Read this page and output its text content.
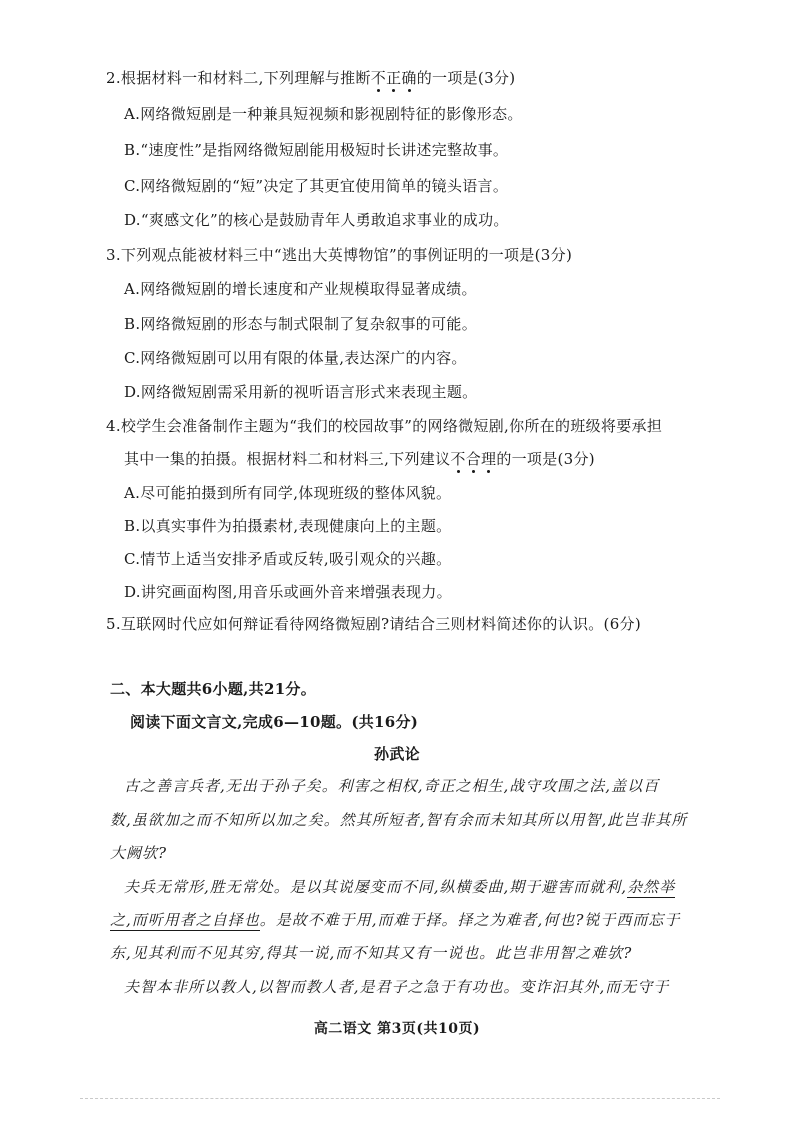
2.根据材料一和材料二,下列理解与推断不正确的一项是(3分)
A.网络微短剧是一种兼具短视频和影视剧特征的影像形态。
B.“速度性”是指网络微短剧能用极短时长讲述完整故事。
C.网络微短剧的“短”决定了其更宜使用简单的镜头语言。
D.“爽感文化”的核心是鼓励青年人勇敢追求事业的成功。
3.下列观点能被材料三中“逃出大英博物馆”的事例证明的一项是(3分)
A.网络微短剧的增长速度和产业规模取得显著成绩。
B.网络微短剧的形态与制式限制了复杂叙事的可能。
C.网络微短剧可以用有限的体量,表达深广的内容。
D.网络微短剧需采用新的视听语言形式来表现主题。
4.校学生会准备制作主题为“我们的校园故事”的网络微短剧,你所在的班级将要承担
其中一集的拍摄。根据材料二和材料三,下列建议不合理的一项是(3分)
A.尽可能拍摄到所有同学,体现班级的整体风貌。
B.以真实事件为拍摄素材,表现健康向上的主题。
C.情节上适当安排矛盾或反转,吸引观众的兴趣。
D.讲究画面构图,用音乐或画外音来增强表现力。
5.互联网时代应如何辩证看待网络微短剧?请结合三则材料简述你的认识。(6分)
二、本大题共6小题,共21分。
阅读下面文言文,完成6—10题。(共16分)
孙武论
古之善言兵者,无出于孙子矣。利害之相权,奇正之相生,战守攻围之法,盖以百
数,虽欲加之而不知所以加之矣。然其所短者,智有余而未知其所以用智,此岂非其所
大阙欤?
夫兵无常形,胜无常处。是以其说屡变而不同,纵横委曲,期于避害而就利,杂然举
之,而听用者之自择也。是故不难于用,而难于择。择之为难者,何也?锐于西而忘于
东,见其利而不见其穷,得其一说,而不知其又有一说也。此岂非用智之难欤?
夫智本非所以教人,以智而教人者,是君子之急于有功也。变诈汩其外,而无守于
高二语文 第3页(共10页)
